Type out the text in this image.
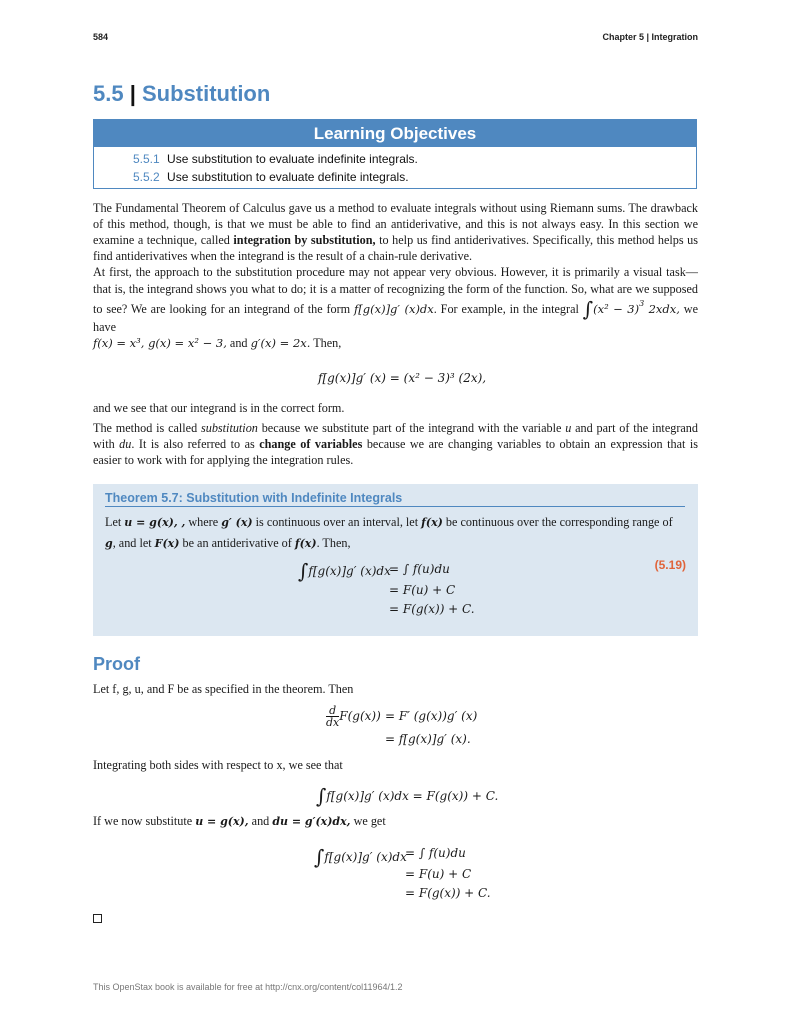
584	Chapter 5 | Integration
5.5 | Substitution
Learning Objectives
5.5.1 Use substitution to evaluate indefinite integrals.
5.5.2 Use substitution to evaluate definite integrals.

The Fundamental Theorem of Calculus gave us a method to evaluate integrals without using Riemann sums. The drawback of this method, though, is that we must be able to find an antiderivative, and this is not always easy. In this section we examine a technique, called integration by substitution, to help us find antiderivatives. Specifically, this method helps us find antiderivatives when the integrand is the result of a chain-rule derivative.

At first, the approach to the substitution procedure may not appear very obvious. However, it is primarily a visual task—that is, the integrand shows you what to do; it is a matter of recognizing the form of the function. So, what are we supposed to see? We are looking for an integrand of the form f[g(x)]g′ (x)dx. For example, in the integral $\int(x^2 - 3)^3$ 2xdx, we have

f(x) = x³, g(x) = x² − 3, and g′(x) = 2x. Then,
f[g(x)]g′ (x) = (x² − 3)³ (2x),

and we see that our integrand is in the correct form.

The method is called substitution because we substitute part of the integrand with the variable u and part of the integrand with du. It is also referred to as change of variables because we are changing variables to obtain an expression that is easier to work with for applying the integration rules.

Theorem 5.7: Substitution with Indefinite Integrals
Let u = g(x), , where g′ (x) is continuous over an interval, let f(x) be continuous over the corresponding range of g, and let F(x) be an antiderivative of f(x). Then,
∫f[g(x)]g′ (x)dx
= ∫ f(u)du
= F(u) + C
= F(g(x)) + C.
(5.19)
Proof
Let f, g, u, and F be as specified in the theorem. Then
$\frac{d}{dx} F(g(x)) = F'$ (g(x))g′ (x)
= f[g(x)]g′ (x).
Integrating both sides with respect to x, we see that
∫f[g(x)]g′ (x)dx = F(g(x)) + C.
If we now substitute u = g(x), and du = g′(x)dx, we get
∫f[g(x)]g′ (x)dx
= ∫ f(u)du
= F(u) + C
= F(g(x)) + C.
This OpenStax book is available for free at http://cnx.org/content/col11964/1.2
